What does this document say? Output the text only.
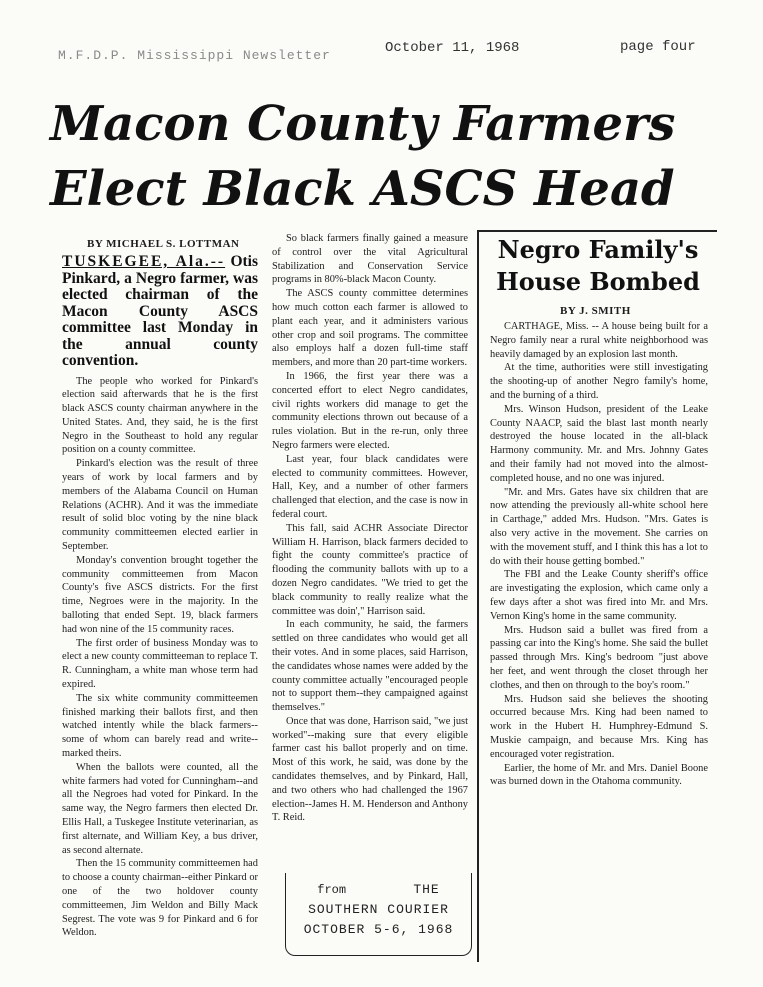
M.F.D.P. Mississippi Newsletter	October 11, 1968	page four
Macon County Farmers
Elect Black ASCS Head
BY MICHAEL S. LOTTMAN
TUSKEGEE, Ala.-- Otis Pinkard, a Negro farmer, was elected chairman of the Macon County ASCS committee last Monday in the annual county convention.

The people who worked for Pinkard's election said afterwards that he is the first black ASCS county chairman anywhere in the United States. And, they said, he is the first Negro in the Southeast to hold any regular position on a county committee.

Pinkard's election was the result of three years of work by local farmers and by members of the Alabama Council on Human Relations (ACHR). And it was the immediate result of solid bloc voting by the nine black community committeemen elected earlier in September.

Monday's convention brought together the community committeemen from Macon County's five ASCS districts. For the first time, Negroes were in the majority. In the balloting that ended Sept. 19, black farmers had won nine of the 15 community races.

The first order of business Monday was to elect a new county committeeman to replace T. R. Cunningham, a white man whose term had expired.

The six white community committeemen finished marking their ballots first, and then watched intently while the black farmers--some of whom can barely read and write--marked theirs.

When the ballots were counted, all the white farmers had voted for Cunningham--and all the Negroes had voted for Pinkard. In the same way, the Negro farmers then elected Dr. Ellis Hall, a Tuskegee Institute veterinarian, as first alternate, and William Key, a bus driver, as second alternate.

Then the 15 community committeemen had to choose a county chairman--either Pinkard or one of the two holdover county committeemen, Jim Weldon and Billy Mack Segrest. The vote was 9 for Pinkard and 6 for Weldon.

So black farmers finally gained a measure of control over the vital Agricultural Stabilization and Conservation Service programs in 80%-black Macon County.

The ASCS county committee determines how much cotton each farmer is allowed to plant each year, and it administers various other crop and soil programs. The committee also employs half a dozen full-time staff members, and more than 20 part-time workers.

In 1966, the first year there was a concerted effort to elect Negro candidates, civil rights workers did manage to get the community elections thrown out because of a rules violation. But in the re-run, only three Negro farmers were elected.

Last year, four black candidates were elected to community committees. However, Hall, Key, and a number of other farmers challenged that election, and the case is now in federal court.

This fall, said ACHR Associate Director William H. Harrison, black farmers decided to fight the county committee's practice of flooding the community ballots with up to a dozen Negro candidates. "We tried to get the black community to really realize what the committee was doin'," Harrison said.

In each community, he said, the farmers settled on three candidates who would get all their votes. And in some places, said Harrison, the candidates whose names were added by the county committee actually "encouraged people not to support them--they campaigned against themselves."

Once that was done, Harrison said, "we just worked"--making sure that every eligible farmer cast his ballot properly and on time. Most of this work, he said, was done by the candidates themselves, and by Pinkard, Hall, and two others who had challenged the 1967 election--James H. M. Henderson and Anthony T. Reid.

from	THE
SOUTHERN COURIER
OCTOBER 5-6, 1968
Negro Family's
House Bombed
BY J. SMITH

CARTHAGE, Miss. -- A house being built for a Negro family near a rural white neighborhood was heavily damaged by an explosion last month.

At the time, authorities were still investigating the shooting-up of another Negro family's home, and the burning of a third.

Mrs. Winson Hudson, president of the Leake County NAACP, said the blast last month nearly destroyed the house located in the all-black Harmony community. Mr. and Mrs. Johnny Gates and their family had not moved into the almost-completed house, and no one was injured.

"Mr. and Mrs. Gates have six children that are now attending the previously all-white school here in Carthage," added Mrs. Hudson. "Mrs. Gates is also very active in the movement. She carries on with the movement stuff, and I think this has a lot to do with their house getting bombed."

The FBI and the Leake County sheriff's office are investigating the explosion, which came only a few days after a shot was fired into Mr. and Mrs. Vernon King's home in the same community.

Mrs. Hudson said a bullet was fired from a passing car into the King's home. She said the bullet passed through Mrs. King's bedroom "just above her feet, and went through the closet through her clothes, and then on through to the boy's room."

Mrs. Hudson said she believes the shooting occurred because Mrs. King had been named to work in the Hubert H. Humphrey-Edmund S. Muskie campaign, and because Mrs. King has encouraged voter registration.

Earlier, the home of Mr. and Mrs. Daniel Boone was burned down in the Otahoma community.
